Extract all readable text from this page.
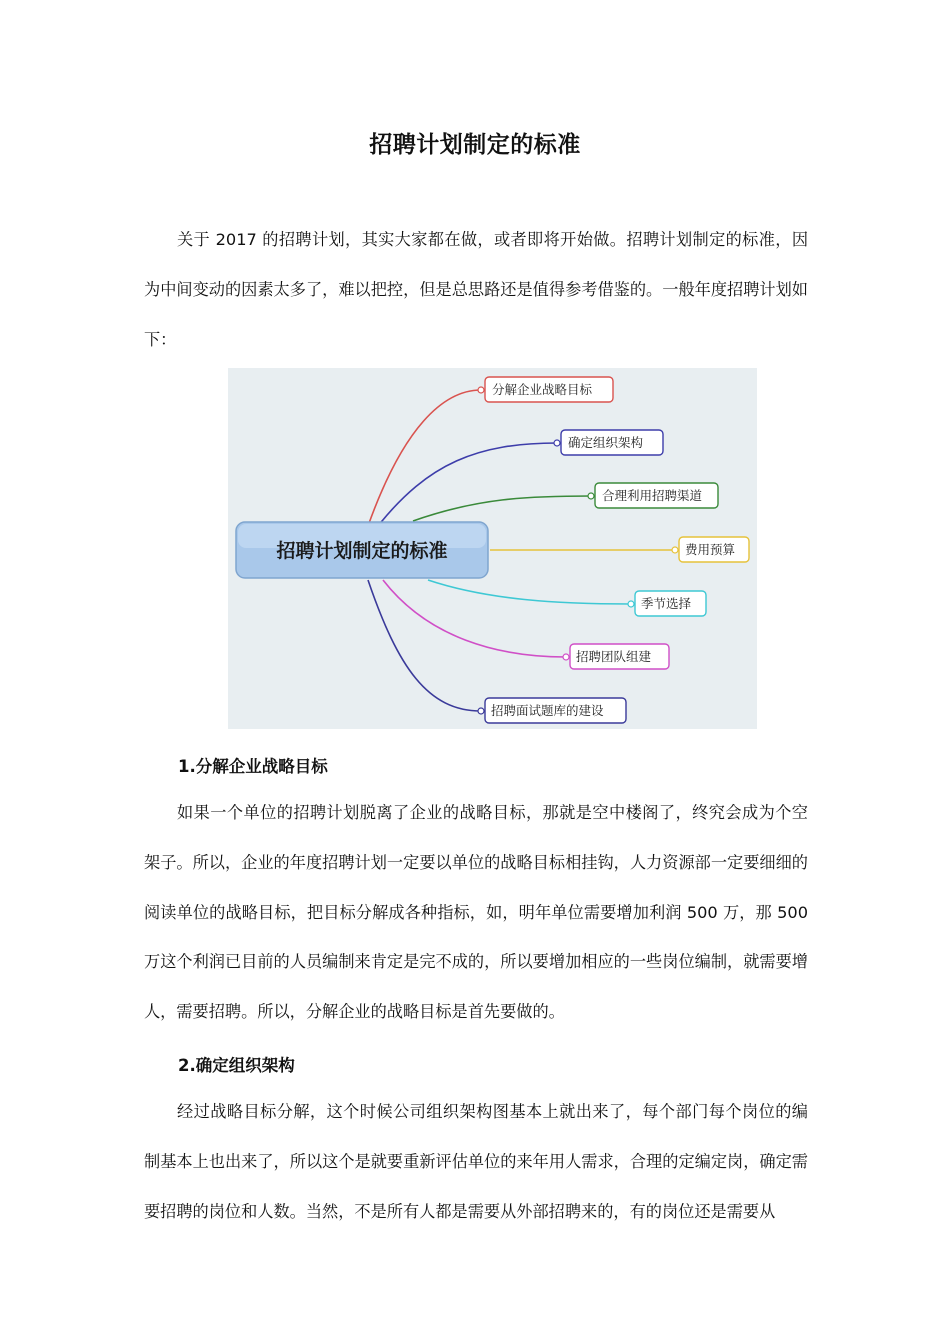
招聘计划制定的标准

关于 2017 的招聘计划，其实大家都在做，或者即将开始做。招聘计划制定的标准，因为中间变动的因素太多了，难以把控，但是总思路还是值得参考借鉴的。一般年度招聘计划如下：

招聘计划制定的标准
分解企业战略目标
确定组织架构
合理利用招聘渠道
费用预算
季节选择
招聘团队组建
招聘面试题库的建设
1.分解企业战略目标

如果一个单位的招聘计划脱离了企业的战略目标，那就是空中楼阁了，终究会成为个空架子。所以，企业的年度招聘计划一定要以单位的战略目标相挂钩，人力资源部一定要细细的阅读单位的战略目标，把目标分解成各种指标，如，明年单位需要增加利润 500 万，那 500 万这个利润已目前的人员编制来肯定是完不成的，所以要增加相应的一些岗位编制，就需要增人，需要招聘。所以，分解企业的战略目标是首先要做的。

2.确定组织架构

经过战略目标分解，这个时候公司组织架构图基本上就出来了，每个部门每个岗位的编制基本上也出来了，所以这个是就要重新评估单位的来年用人需求，合理的定编定岗，确定需要招聘的岗位和人数。当然，不是所有人都是需要从外部招聘来的，有的岗位还是需要从
